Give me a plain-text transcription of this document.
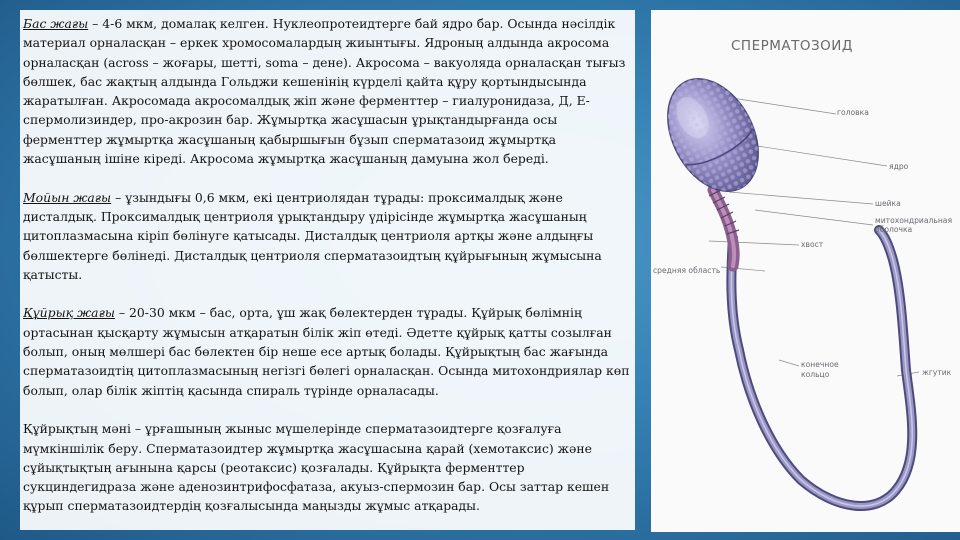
Бас жағы – 4-6 мкм, домалақ келген. Нуклеопротеидтерге бай ядро бар. Осында нәсілдік материал орналасқан – еркек хромосомалардың жиынтығы. Ядроның алдында акросома орналасқан (across – жоғары, шетті, soma – дене). Акросома – вакуолядa орналасқан тығыз бөлшек, бас жақтың алдында Гольджи кешенінің күрделі қайта құру қортындысында жаратылған. Акросомада акросомалдық жіп және ферменттер – гиалуронидаза, Д, Е-спермолизиндер, про-акрозин бар. Жұмыртқа жасұшасын ұрықтандырғанда осы ферменттер жұмыртқа жасұшаның қабыршығын бұзып сперматазоид жұмыртқа жасұшаның ішіне кіреді. Акросома жұмыртқа жасұшаның дамуына жол береді.

Мойын жағы – ұзындығы 0,6 мкм, екі центриолядан тұрады: проксималдық және дисталдық. Проксималдық центриоля ұрықтандыру үдірісінде жұмыртқа жасұшаның цитоплазмасына кіріп бөлінуге қатысады. Дисталдық центриоля артқы және алдыңғы бөлшектерге бөлінеді. Дисталдық центриоля сперматазоидтың құйрығының жұмысына қатысты.

Құйрық жағы – 20-30 мкм – бас, орта, ұш жақ бөлектерден тұрады. Құйрық бөлімнің ортасынан қысқарту жұмысын атқаратын білік жіп өтеді. Әдетте құйрық қатты созылған болып, оның мөлшері бас бөлектен бір неше есе артық болады. Құйрықтың бас жағында сперматазоидтің цитоплазмасының негізгі бөлегі орналасқан. Осында митохондриялар көп болып, олар білік жіптің қасында спираль түрінде орналасады.

Құйрықтың мәні – ұрғашының жыныс мүшелерінде сперматазоидтерге қозғалуға мүмкіншілік беру. Сперматазоидтер жұмыртқа жасұшасына қарай (хемотаксис) және сұйықтықтың ағынына қарсы (реотаксис) қозғалады. Құйрықта ферменттер сукциндегидраза және аденозинтрифосфатаза, акуыз-спермозин бар. Осы заттар кешен құрып сперматазоидтердің қозғалысында маңызды жұмыс атқарады.

СПЕРМАТОЗОИД
головка
ядро
шейка
митохондриальная
оболочка
хвост
средняя область
конечное
кольцо	жгутик
